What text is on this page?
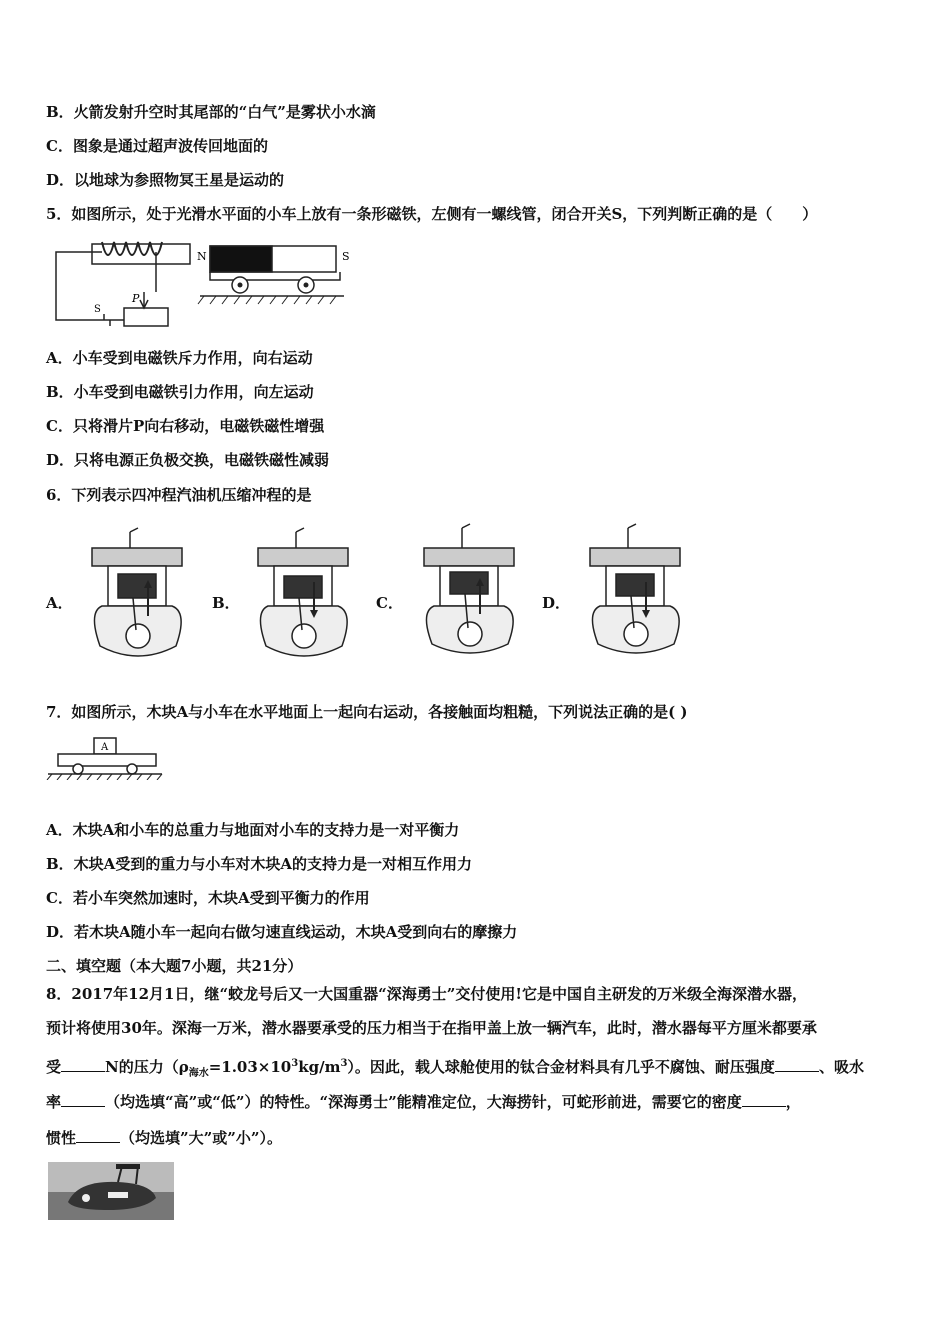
B．火箭发射升空时其尾部的“白气”是雾状小水滴
C．图象是通过超声波传回地面的
D．以地球为参照物冥王星是运动的
5．如图所示，处于光滑水平面的小车上放有一条形磁铁，左侧有一螺线管，闭合开关S，下列判断正确的是（　　）
N	S
P
S
A．小车受到电磁铁斥力作用，向右运动
B．小车受到电磁铁引力作用，向左运动
C．只将滑片P向右移动，电磁铁磁性增强
D．只将电源正负极交换，电磁铁磁性减弱
6．下列表示四冲程汽油机压缩冲程的是
A．	B．	C．	D．
7．如图所示，木块A与小车在水平地面上一起向右运动，各接触面均粗糙，下列说法正确的是( )
A
A．木块A和小车的总重力与地面对小车的支持力是一对平衡力
B．木块A受到的重力与小车对木块A的支持力是一对相互作用力
C．若小车突然加速时，木块A受到平衡力的作用
D．若木块A随小车一起向右做匀速直线运动，木块A受到向右的摩擦力
二、填空题（本大题7小题，共21分）
8．2017年12月1日，继“蛟龙号后又一大国重器“深海勇士”交付使用!它是中国自主研发的万米级全海深潜水器，
预计将使用30年。深海一万米，潜水器要承受的压力相当于在指甲盖上放一辆汽车，此时，潜水器每平方厘米都要承
受	N的压力$(\rho_{海水}=1.03\times 10^3kg/m^3)$。因此，载人球舱使用的钛合金材料具有几乎不腐蚀、耐压强度	、吸水
率	（均选填“高”或“低”）的特性。“深海勇士”能精准定位，大海捞针，可蛇形前进，需要它的密度	，
惯性	（均选填”大”或”小”）。
